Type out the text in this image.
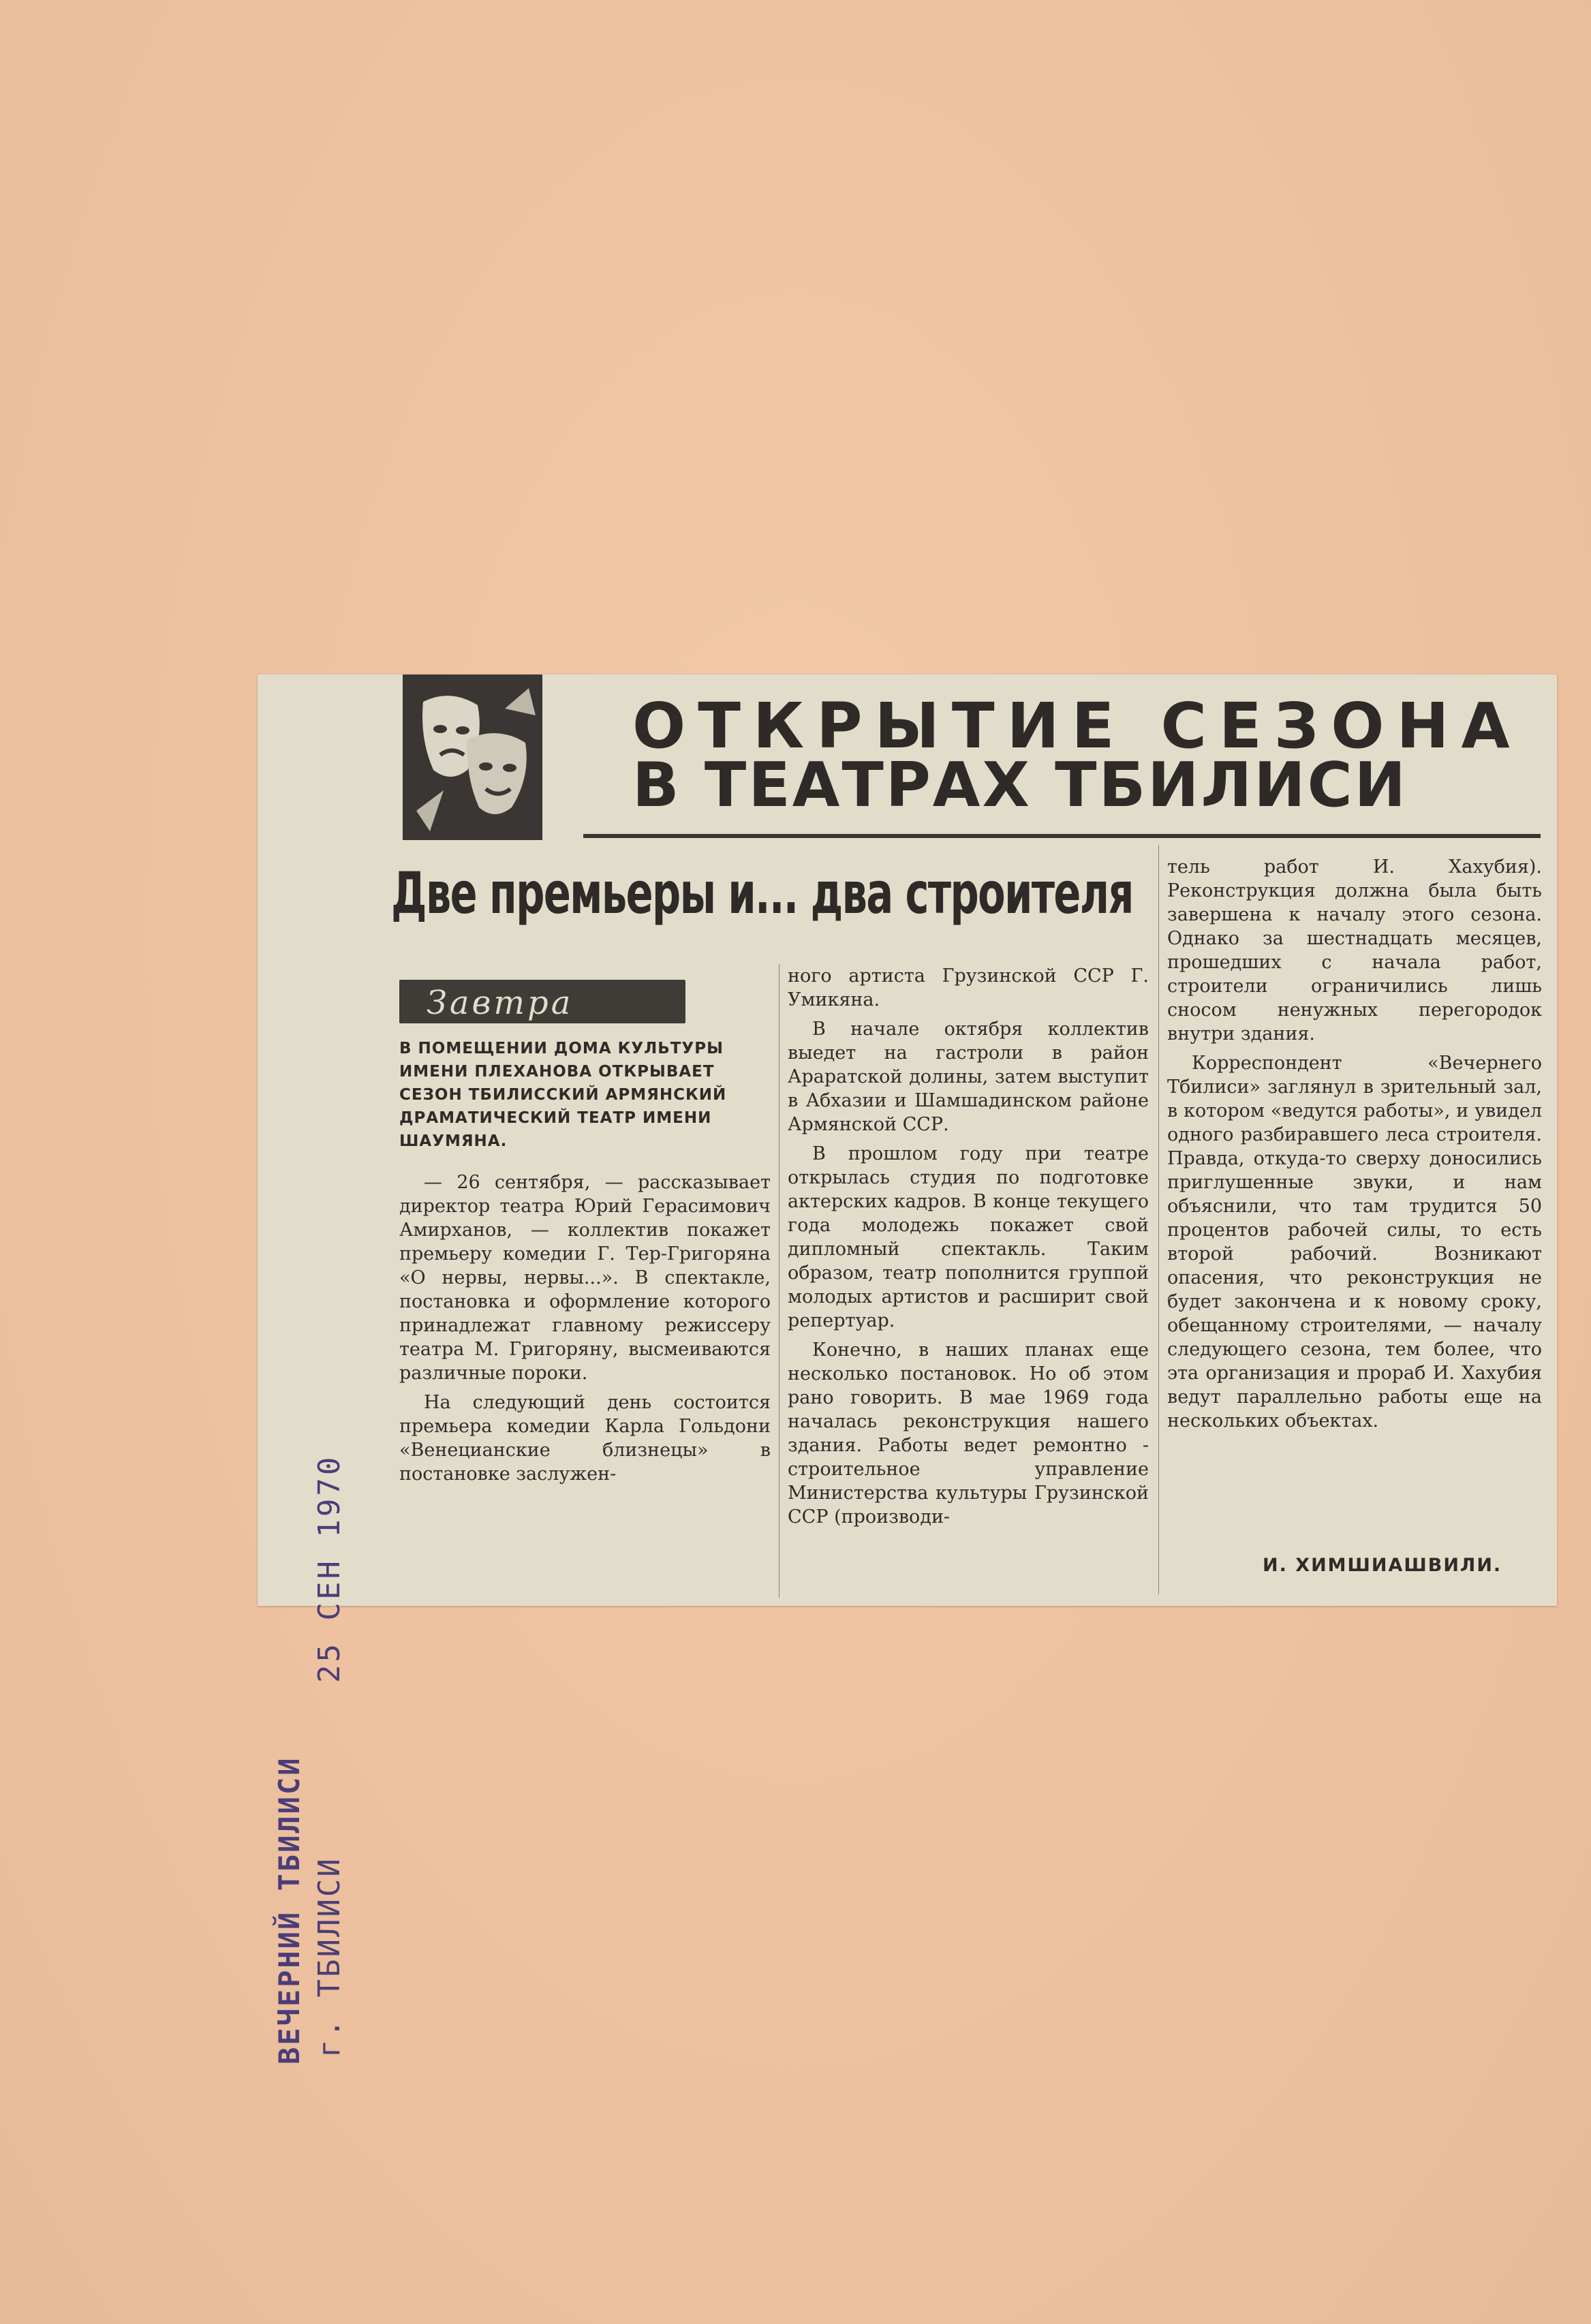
ВЕЧЕРНИЙ ТБИЛИСИ г. ТБИЛИСИ
25 СЕН 1970
ОТКРЫТИЕ СЕЗОНА
В ТЕАТРАХ ТБИЛИСИ
Две премьеры и... два строителя
Завтра
В ПОМЕЩЕНИИ ДОМА КУЛЬТУРЫ ИМЕНИ ПЛЕХАНОВА ОТКРЫВАЕТ СЕЗОН ТБИЛИССКИЙ АРМЯНСКИЙ ДРАМАТИЧЕСКИЙ ТЕАТР ИМЕНИ ШАУМЯНА.

— 26 сентября, — рассказывает директор театра Юрий Герасимович Амирханов, — коллектив покажет премьеру комедии Г. Тер-Григоряна «О нервы, нервы...». В спектакле, постановка и оформление которого принадлежат главному режиссеру театра М. Григоряну, высмеиваются различные пороки.

На следующий день состоится премьера комедии Карла Гольдони «Венецианские близнецы» в постановке заслужен-

ного артиста Грузинской ССР Г. Умикяна.

В начале октября коллектив выедет на гастроли в район Араратской долины, затем выступит в Абхазии и Шамшадинском районе Армянской ССР.

В прошлом году при театре открылась студия по подготовке актерских кадров. В конце текущего года молодежь покажет свой дипломный спектакль. Таким образом, театр пополнится группой молодых артистов и расширит свой репертуар.

Конечно, в наших планах еще несколько постановок. Но об этом рано говорить. В мае 1969 года началась реконструкция нашего здания. Работы ведет ремонтно - строительное управление Министерства культуры Грузинской ССР (производи-

тель работ И. Хахубия). Реконструкция должна была быть завершена к началу этого сезона. Однако за шестнадцать месяцев, прошедших с начала работ, строители ограничились лишь сносом ненужных перегородок внутри здания.

Корреспондент «Вечернего Тбилиси» заглянул в зрительный зал, в котором «ведутся работы», и увидел одного разбиравшего леса строителя. Правда, откуда-то сверху доносились приглушенные звуки, и нам объяснили, что там трудится 50 процентов рабочей силы, то есть второй рабочий. Возникают опасения, что реконструкция не будет закончена и к новому сроку, обещанному строителями, — началу следующего сезона, тем более, что эта организация и прораб И. Хахубия ведут параллельно работы еще на нескольких объектах.

И. ХИМШИАШВИЛИ.
